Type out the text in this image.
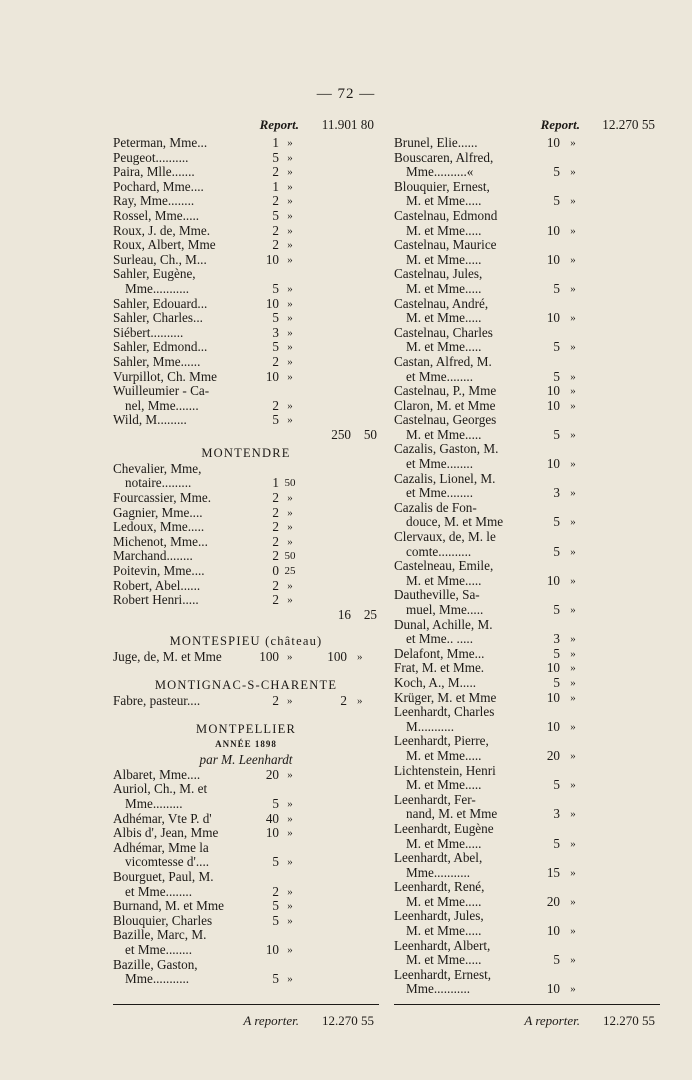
— 72 —
Report. 11.901 80
Peterman, Mme...	1 »
Peugeot..........	5 »
Paira, Mlle.......	2 »
Pochard, Mme....	1 »
Ray, Mme........	2 »
Rossel, Mme.....	5 »
Roux, J. de, Mme.	2 »
Roux, Albert, Mme	2 »
Surleau, Ch., M...	10 »
Sahler, Eugène,
Mme...........	5 »
Sahler, Edouard...	10 »
Sahler, Charles...	5 »
Siébert..........	3 »
Sahler, Edmond...	5 »
Sahler, Mme......	2 »
Vurpillot, Ch. Mme	10 »
Wuilleumier - Ca-
nel, Mme.......	2 »
Wild, M.........	5 »
250 50
MONTENDRE
Chevalier, Mme,
notaire.........	1 50
Fourcassier, Mme.	2 »
Gagnier, Mme....	2 »
Ledoux, Mme.....	2 »
Michenot, Mme...	2 »
Marchand........	2 50
Poitevin, Mme....	0 25
Robert, Abel......	2 »
Robert Henri.....	2 »
16 25
MONTESPIEU (château)
Juge, de, M. et Mme	100 »	100 »
MONTIGNAC-S-CHARENTE
Fabre, pasteur....	2 »	2 »
MONTPELLIER
ANNÉE 1898
par M. Leenhardt
Albaret, Mme....	20 »
Auriol, Ch., M. et
Mme.........	5 »
Adhémar, Vte P. d'	40 »
Albis d', Jean, Mme	10 »
Adhémar, Mme la
vicomtesse d'....	5 »
Bourguet, Paul, M.
et Mme........	2 »
Burnand, M. et Mme	5 »
Blouquier, Charles	5 »
Bazille, Marc, M.
et Mme........	10 »
Bazille, Gaston,
Mme...........	5 »
A reporter. 12.270 55
Report. 12.270 55
Brunel, Elie......	10 »
Bouscaren, Alfred,
Mme..........«	5 »
Blouquier, Ernest,
M. et Mme.....	5 »
Castelnau, Edmond
M. et Mme.....	10 »
Castelnau, Maurice
M. et Mme.....	10 »
Castelnau, Jules,
M. et Mme.....	5 »
Castelnau, André,
M. et Mme.....	10 »
Castelnau, Charles
M. et Mme.....	5 »
Castan, Alfred, M.
et Mme........	5 »
Castelnau, P., Mme	10 »
Claron, M. et Mme	10 »
Castelnau, Georges
M. et Mme.....	5 »
Cazalis, Gaston, M.
et Mme........	10 »
Cazalis, Lionel, M.
et Mme........	3 »
Cazalis de Fon-
douce, M. et Mme	5 »
Clervaux, de, M. le
comte..........	5 »
Castelneau, Emile,
M. et Mme.....	10 »
Dautheville, Sa-
muel, Mme.....	5 »
Dunal, Achille, M.
et Mme.. .....	3 »
Delafont, Mme...	5 »
Frat, M. et Mme.	10 »
Koch, A., M.....	5 »
Krüger, M. et Mme	10 »
Leenhardt, Charles
M...........	10 »
Leenhardt, Pierre,
M. et Mme.....	20 »
Lichtenstein, Henri
M. et Mme.....	5 »
Leenhardt, Fer-
nand, M. et Mme	3 »
Leenhardt, Eugène
M. et Mme.....	5 »
Leenhardt, Abel,
Mme...........	15 »
Leenhardt, René,
M. et Mme.....	20 »
Leenhardt, Jules,
M. et Mme.....	10 »
Leenhardt, Albert,
M. et Mme.....	5 »
Leenhardt, Ernest,
Mme...........	10 »
A reporter. 12.270 55
